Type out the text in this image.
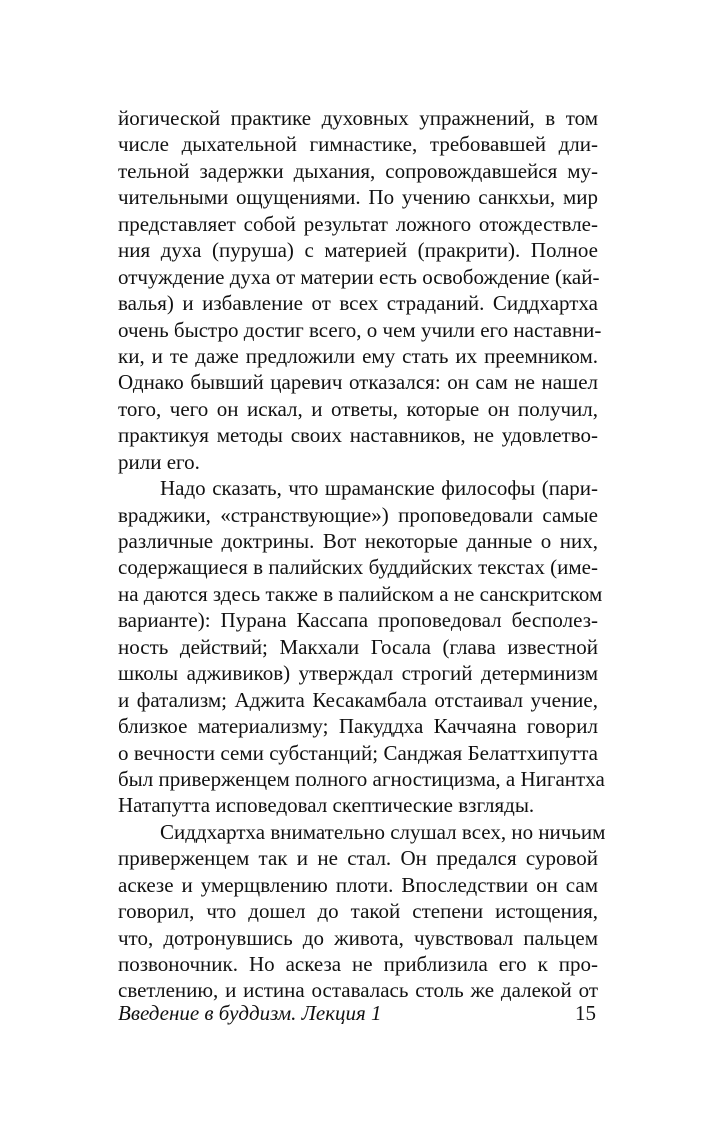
йогической практике духовных упражнений, в том
числе дыхательной гимнастике, требовавшей дли-
тельной задержки дыхания, сопровождавшейся му-
чительными ощущениями. По учению санкхьи, мир
представляет собой результат ложного отождествле-
ния духа (пуруша) с материей (пракрити). Полное
отчуждение духа от материи есть освобождение (кай-
валья) и избавление от всех страданий. Сиддхартха
очень быстро достиг всего, о чем учили его наставни-
ки, и те даже предложили ему стать их преемником.
Однако бывший царевич отказался: он сам не нашел
того, чего он искал, и ответы, которые он получил,
практикуя методы своих наставников, не удовлетво-
рили его.
Надо сказать, что шраманские философы (пари-
враджики, «странствующие») проповедовали самые
различные доктрины. Вот некоторые данные о них,
содержащиеся в палийских буддийских текстах (име-
на даются здесь также в палийском а не санскритском
варианте): Пурана Кассапа проповедовал бесполез-
ность действий; Макхали Госала (глава известной
школы адживиков) утверждал строгий детерминизм
и фатализм; Аджита Кесакамбала отстаивал учение,
близкое материализму; Пакуддха Каччаяна говорил
о вечности семи субстанций; Санджая Белаттхипутта
был приверженцем полного агностицизма, а Нигантха
Натапутта исповедовал скептические взгляды.
Сиддхартха внимательно слушал всех, но ничьим
приверженцем так и не стал. Он предался суровой
аскезе и умерщвлению плоти. Впоследствии он сам
говорил, что дошел до такой степени истощения,
что, дотронувшись до живота, чувствовал пальцем
позвоночник. Но аскеза не приблизила его к про-
светлению, и истина оставалась столь же далекой от
Введение в буддизм. Лекция 1	15
